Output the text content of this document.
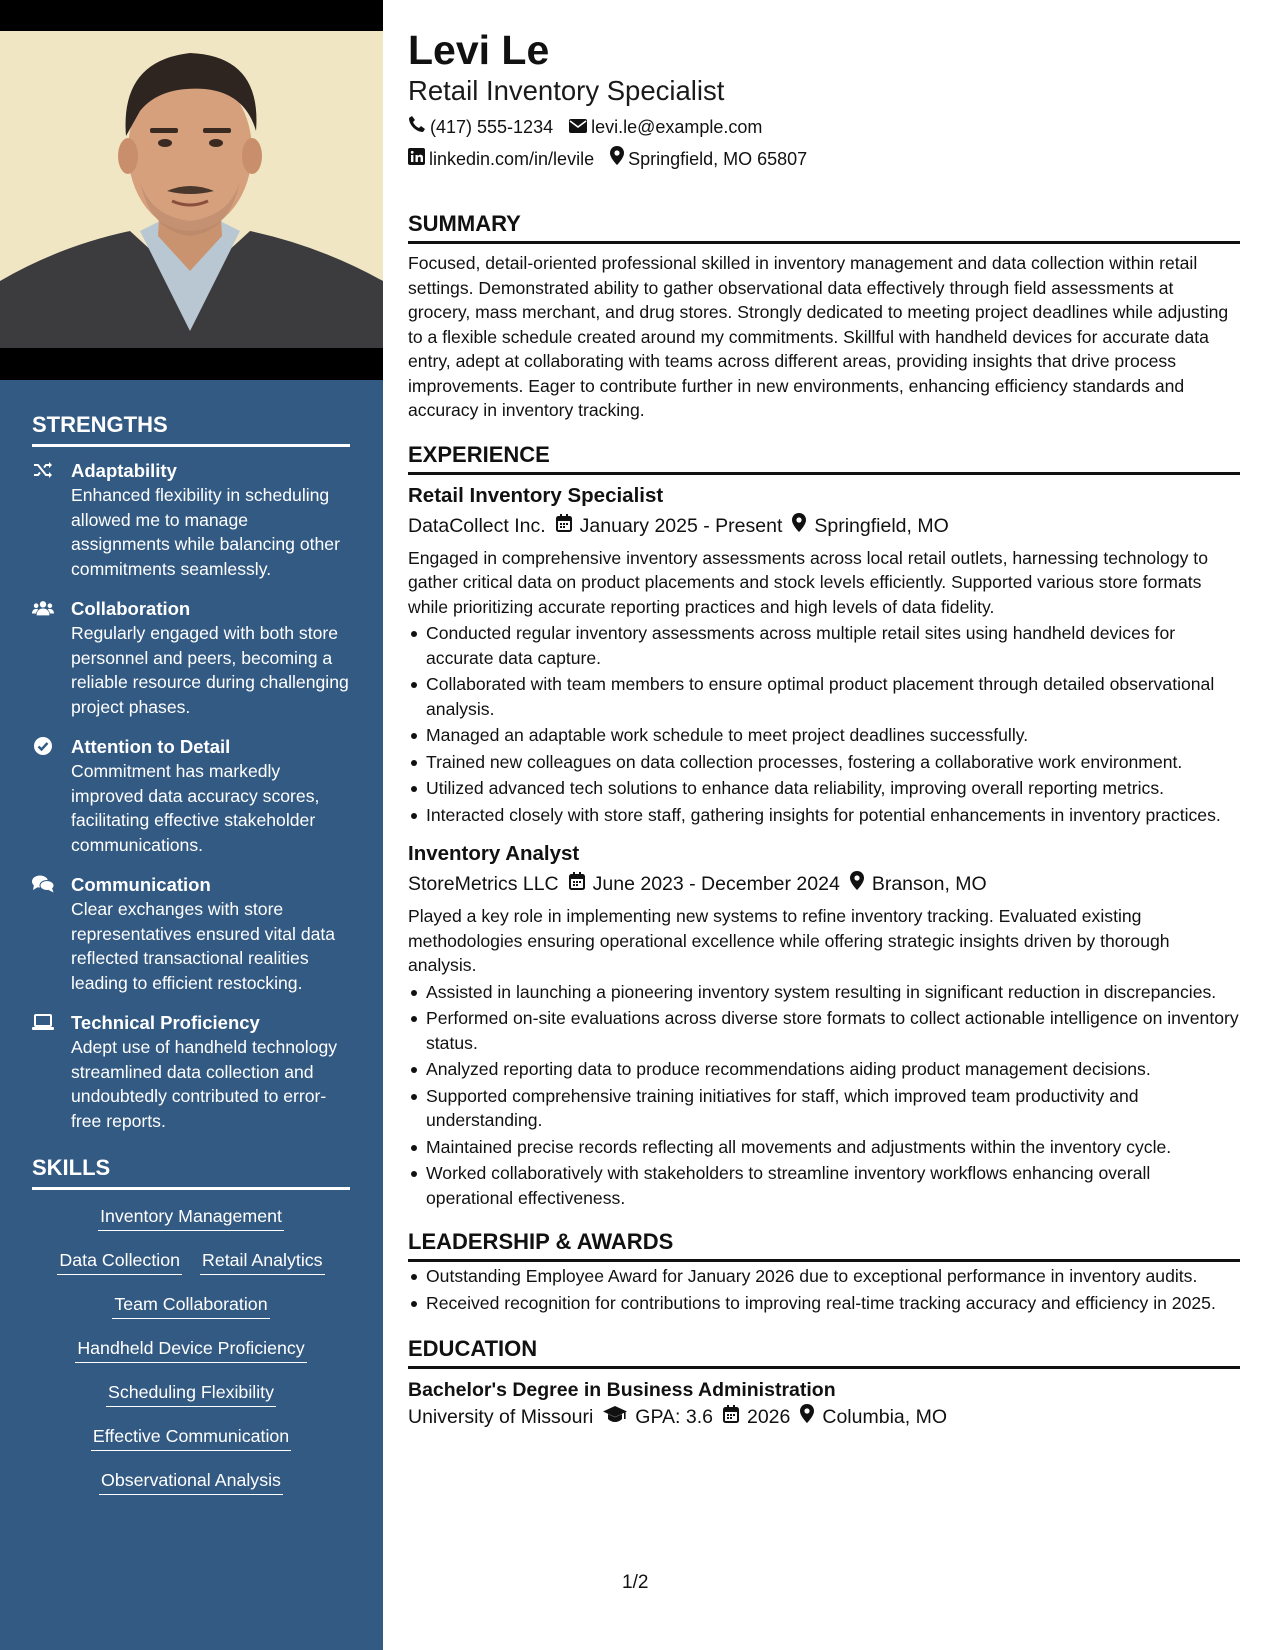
STRENGTHS
Adaptability
Enhanced flexibility in scheduling allowed me to manage assignments while balancing other commitments seamlessly.
Collaboration
Regularly engaged with both store personnel and peers, becoming a reliable resource during challenging project phases.
Attention to Detail
Commitment has markedly improved data accuracy scores, facilitating effective stakeholder communications.
Communication
Clear exchanges with store representatives ensured vital data reflected transactional realities leading to efficient restocking.
Technical Proficiency
Adept use of handheld technology streamlined data collection and undoubtedly contributed to error-free reports.
SKILLS
Inventory Management
Data Collection Retail Analytics
Team Collaboration
Handheld Device Proficiency
Scheduling Flexibility
Effective Communication
Observational Analysis
Levi Le
Retail Inventory Specialist
(417) 555-1234 levi.le@example.com
linkedin.com/in/levile Springfield, MO 65807
SUMMARY
Focused, detail-oriented professional skilled in inventory management and data collection within retail settings. Demonstrated ability to gather observational data effectively through field assessments at grocery, mass merchant, and drug stores. Strongly dedicated to meeting project deadlines while adjusting to a flexible schedule created around my commitments. Skillful with handheld devices for accurate data entry, adept at collaborating with teams across different areas, providing insights that drive process improvements. Eager to contribute further in new environments, enhancing efficiency standards and accuracy in inventory tracking.
EXPERIENCE
Retail Inventory Specialist
DataCollect Inc. January 2025 - Present Springfield, MO
Engaged in comprehensive inventory assessments across local retail outlets, harnessing technology to gather critical data on product placements and stock levels efficiently. Supported various store formats while prioritizing accurate reporting practices and high levels of data fidelity.
Conducted regular inventory assessments across multiple retail sites using handheld devices for accurate data capture.
Collaborated with team members to ensure optimal product placement through detailed observational analysis.
Managed an adaptable work schedule to meet project deadlines successfully.
Trained new colleagues on data collection processes, fostering a collaborative work environment.
Utilized advanced tech solutions to enhance data reliability, improving overall reporting metrics.
Interacted closely with store staff, gathering insights for potential enhancements in inventory practices.
Inventory Analyst
StoreMetrics LLC June 2023 - December 2024 Branson, MO
Played a key role in implementing new systems to refine inventory tracking. Evaluated existing methodologies ensuring operational excellence while offering strategic insights driven by thorough analysis.
Assisted in launching a pioneering inventory system resulting in significant reduction in discrepancies.
Performed on-site evaluations across diverse store formats to collect actionable intelligence on inventory status.
Analyzed reporting data to produce recommendations aiding product management decisions.
Supported comprehensive training initiatives for staff, which improved team productivity and understanding.
Maintained precise records reflecting all movements and adjustments within the inventory cycle.
Worked collaboratively with stakeholders to streamline inventory workflows enhancing overall operational effectiveness.
LEADERSHIP & AWARDS
Outstanding Employee Award for January 2026 due to exceptional performance in inventory audits.
Received recognition for contributions to improving real-time tracking accuracy and efficiency in 2025.
EDUCATION
Bachelor's Degree in Business Administration
University of Missouri GPA: 3.6 2026 Columbia, MO
1/2
